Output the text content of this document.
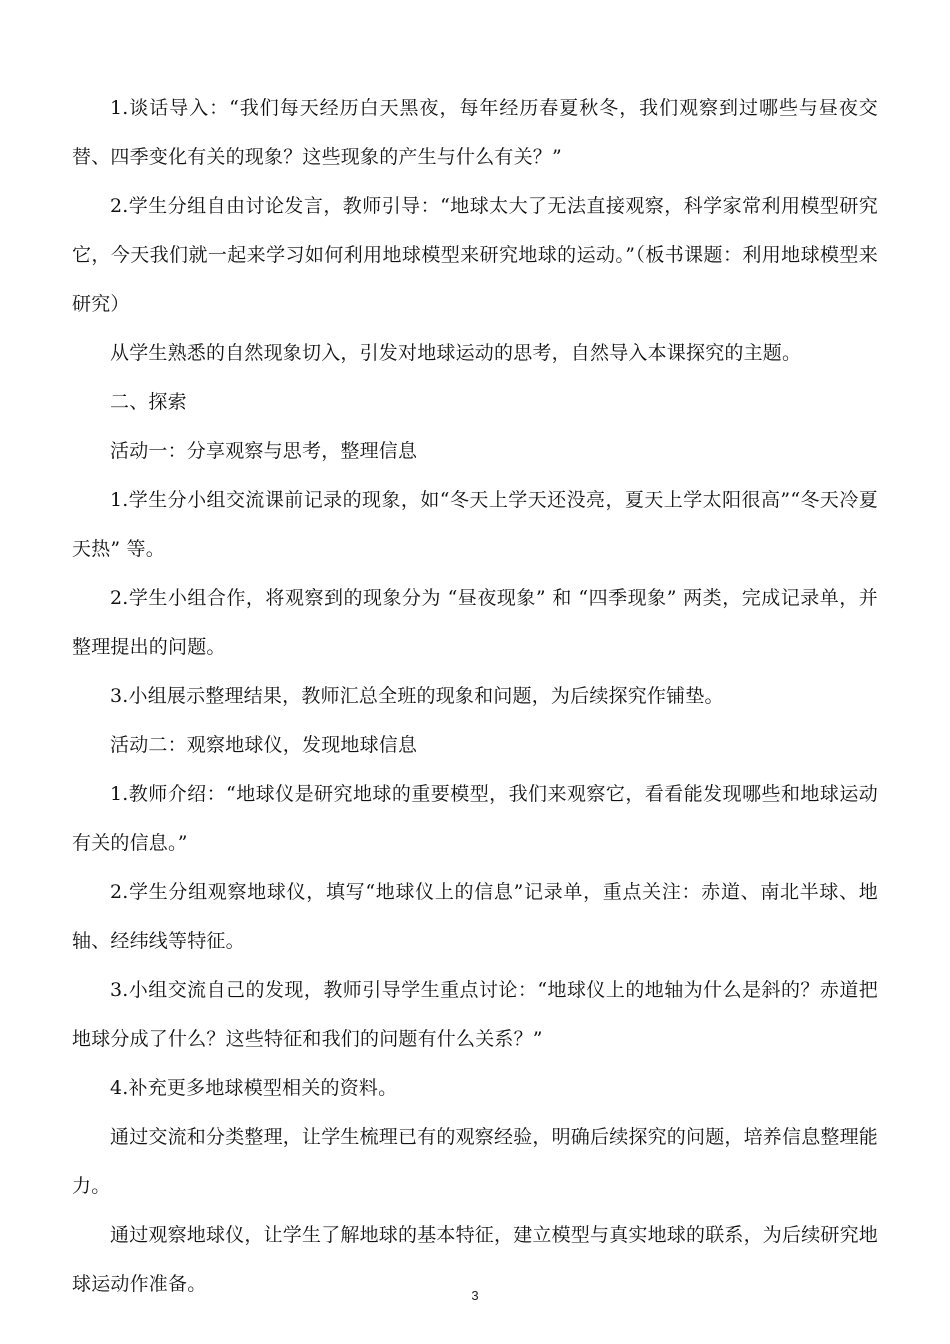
1.谈话导入：“我们每天经历白天黑夜，每年经历春夏秋冬，我们观察到过哪些与昼夜交替、四季变化有关的现象？这些现象的产生与什么有关？”

2.学生分组自由讨论发言，教师引导：“地球太大了无法直接观察，科学家常利用模型研究它，今天我们就一起来学习如何利用地球模型来研究地球的运动。”（板书课题：利用地球模型来研究）

从学生熟悉的自然现象切入，引发对地球运动的思考，自然导入本课探究的主题。

二、探索

活动一：分享观察与思考，整理信息

1.学生分小组交流课前记录的现象，如“冬天上学天还没亮，夏天上学太阳很高”“冬天冷夏天热” 等。

2.学生小组合作，将观察到的现象分为 “昼夜现象” 和 “四季现象” 两类，完成记录单，并整理提出的问题。

3.小组展示整理结果，教师汇总全班的现象和问题，为后续探究作铺垫。

活动二：观察地球仪，发现地球信息

1.教师介绍：“地球仪是研究地球的重要模型，我们来观察它，看看能发现哪些和地球运动有关的信息。”

2.学生分组观察地球仪，填写“地球仪上的信息”记录单，重点关注：赤道、南北半球、地轴、经纬线等特征。

3.小组交流自己的发现，教师引导学生重点讨论：“地球仪上的地轴为什么是斜的？赤道把地球分成了什么？这些特征和我们的问题有什么关系？”

4.补充更多地球模型相关的资料。

通过交流和分类整理，让学生梳理已有的观察经验，明确后续探究的问题，培养信息整理能力。

通过观察地球仪，让学生了解地球的基本特征，建立模型与真实地球的联系，为后续研究地球运动作准备。

3
